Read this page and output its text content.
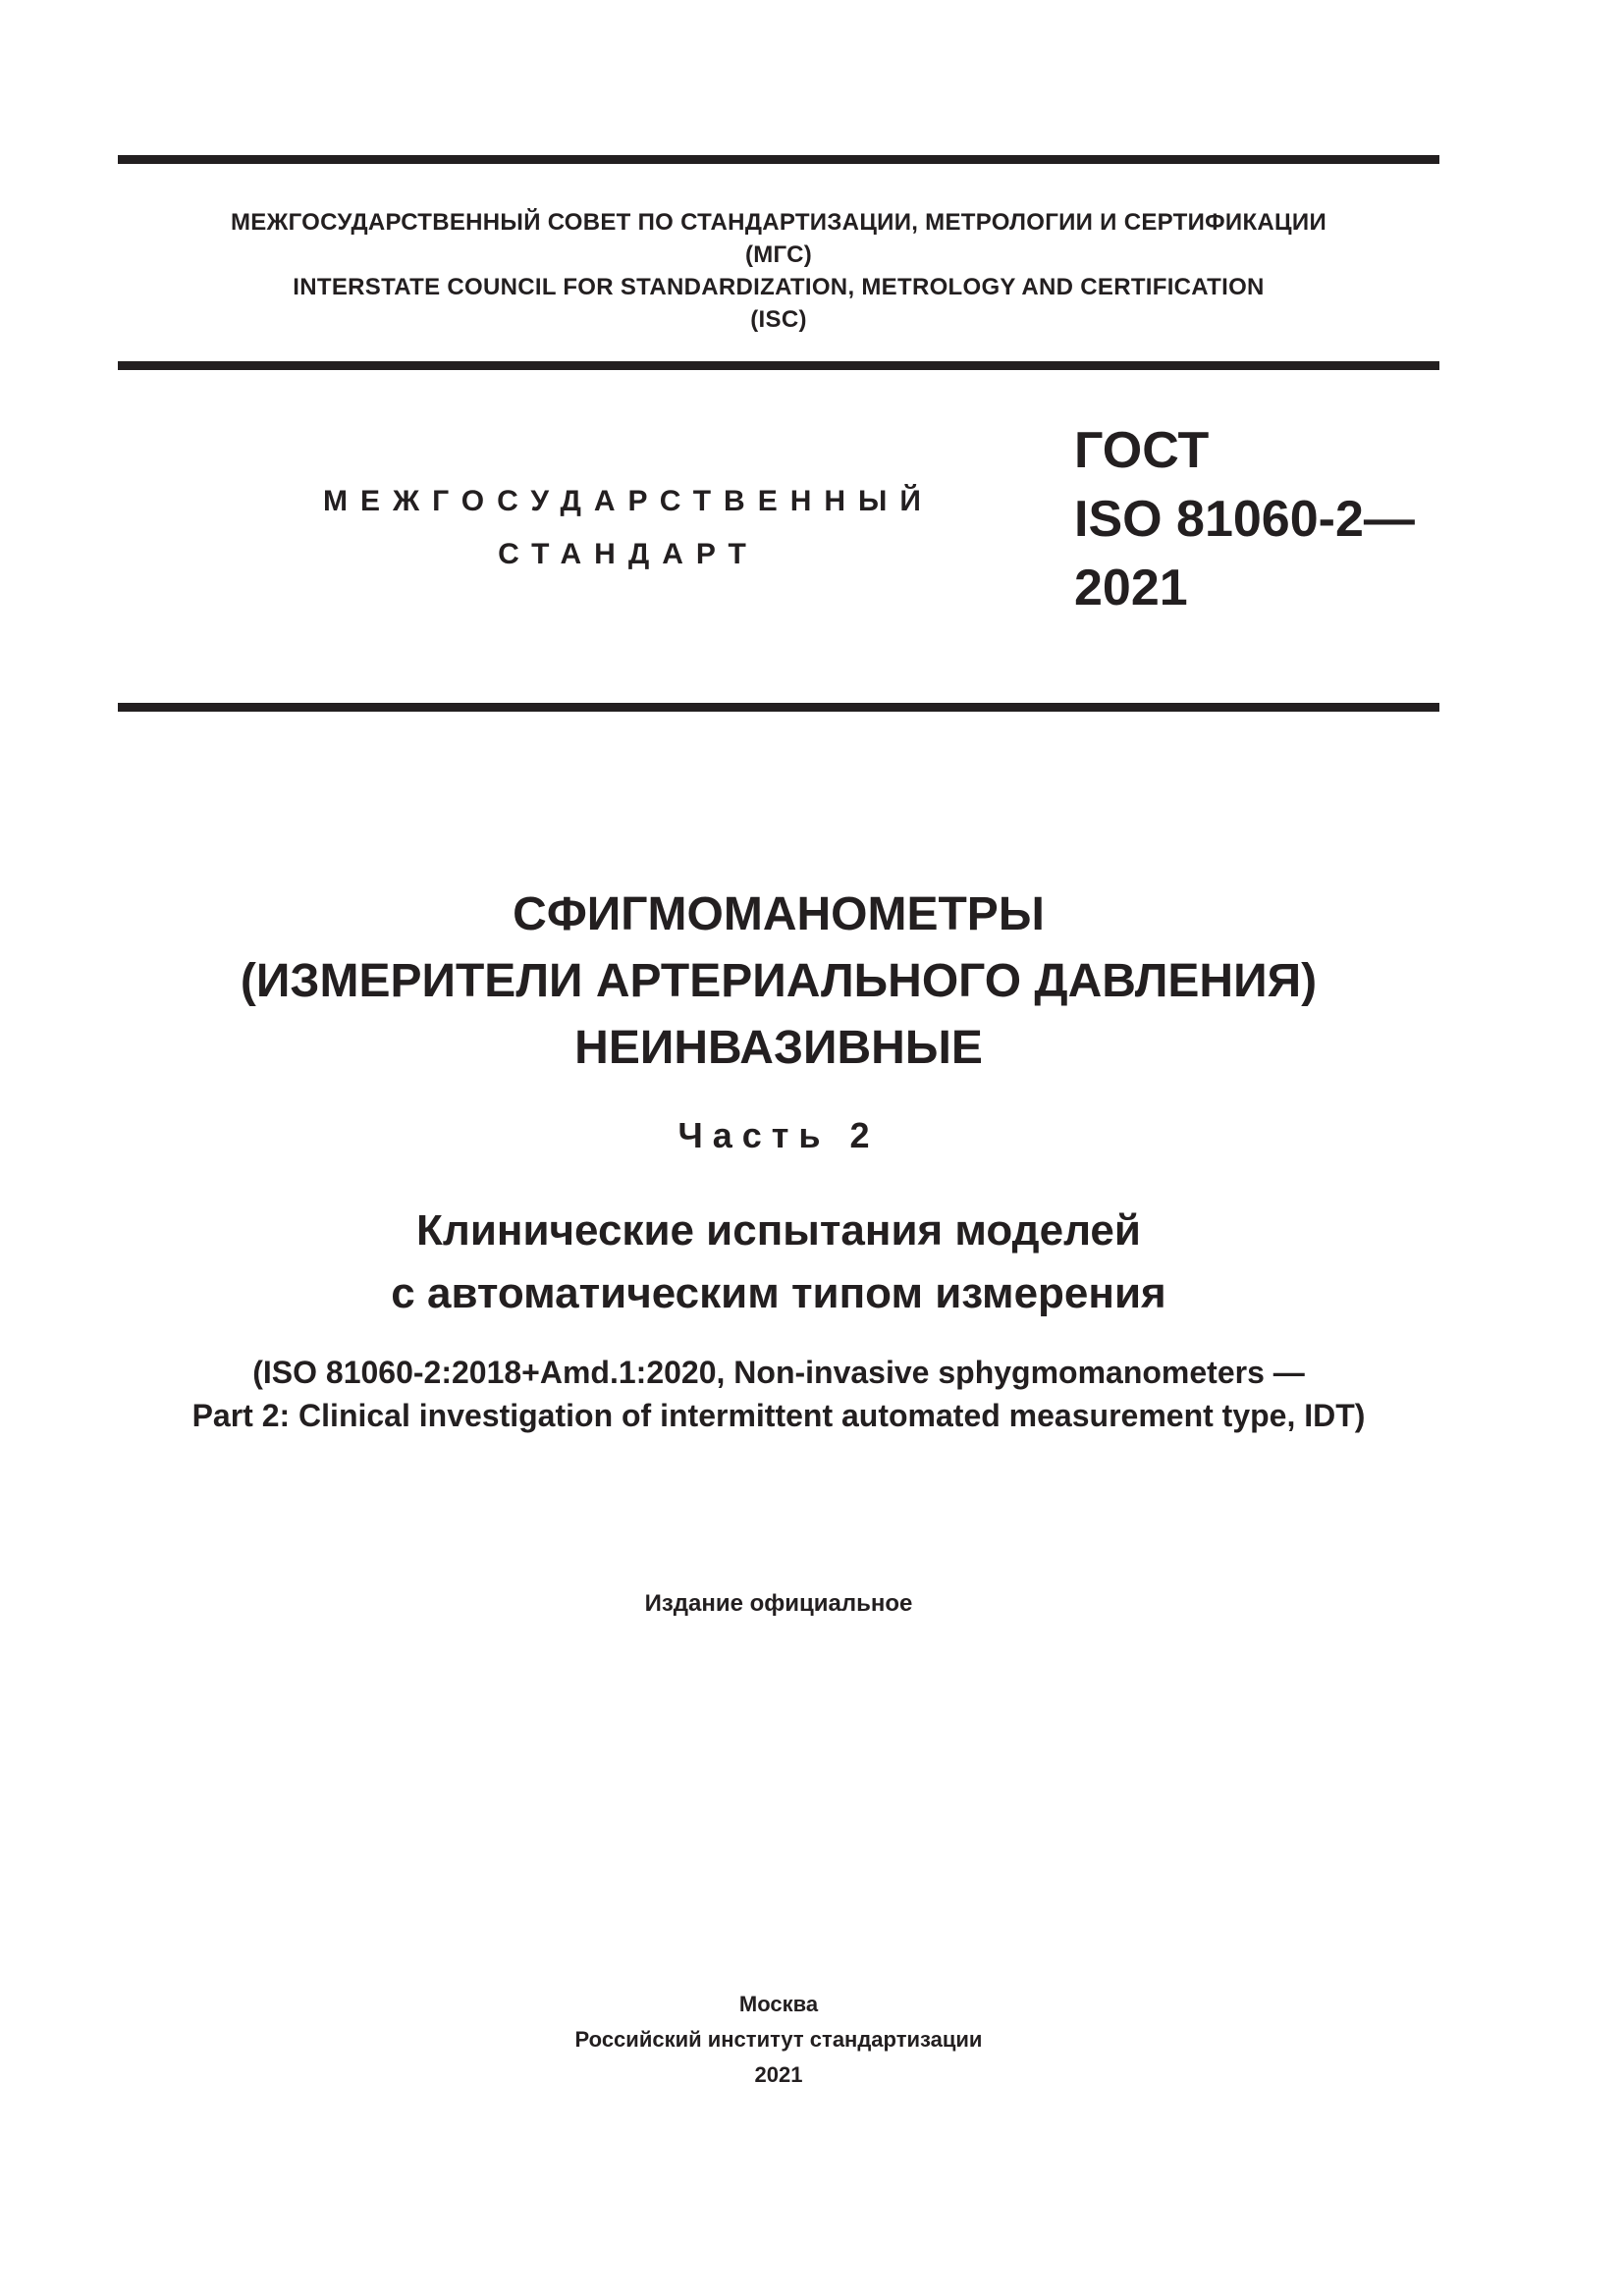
МЕЖГОСУДАРСТВЕННЫЙ СОВЕТ ПО СТАНДАРТИЗАЦИИ, МЕТРОЛОГИИ И СЕРТИФИКАЦИИ
(МГС)
INTERSTATE COUNCIL FOR STANDARDIZATION, METROLOGY AND CERTIFICATION
(ISC)
МЕЖГОСУДАРСТВЕННЫЙ
СТАНДАРТ
ГОСТ
ISO 81060-2—
2021
СФИГМОМАНОМЕТРЫ
(ИЗМЕРИТЕЛИ АРТЕРИАЛЬНОГО ДАВЛЕНИЯ)
НЕИНВАЗИВНЫЕ
Часть 2
Клинические испытания моделей
с автоматическим типом измерения
(ISO 81060-2:2018+Amd.1:2020, Non-invasive sphygmomanometers —
Part 2: Clinical investigation of intermittent automated measurement type, IDT)
Издание официальное
Москва
Российский институт стандартизации
2021
